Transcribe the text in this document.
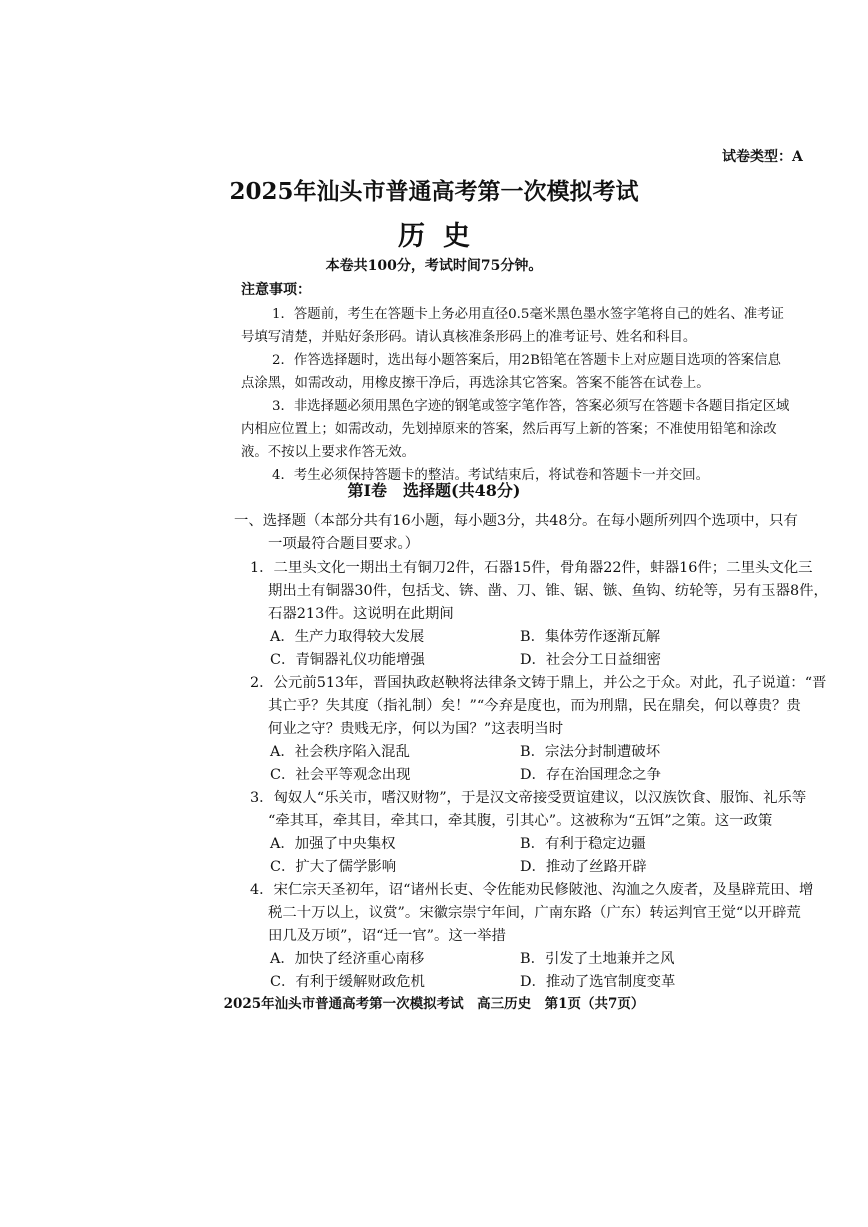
试卷类型：A
2025年汕头市普通高考第一次模拟考试
历史
本卷共100分，考试时间75分钟。
注意事项：
1．答题前，考生在答题卡上务必用直径0.5毫米黑色墨水签字笔将自己的姓名、准考证
号填写清楚，并贴好条形码。请认真核准条形码上的准考证号、姓名和科目。
2．作答选择题时，选出每小题答案后，用2B铅笔在答题卡上对应题目选项的答案信息
点涂黑，如需改动，用橡皮擦干净后，再选涂其它答案。答案不能答在试卷上。
3．非选择题必须用黑色字迹的钢笔或签字笔作答，答案必须写在答题卡各题目指定区域
内相应位置上；如需改动，先划掉原来的答案，然后再写上新的答案；不准使用铅笔和涂改
液。不按以上要求作答无效。
4．考生必须保持答题卡的整洁。考试结束后，将试卷和答题卡一并交回。
第Ⅰ卷　选择题(共48分)
一、选择题（本部分共有16小题，每小题3分，共48分。在每小题所列四个选项中，只有
一项最符合题目要求。）
1．二里头文化一期出土有铜刀2件，石器15件，骨角器22件，蚌器16件；二里头文化三
期出土有铜器30件，包括戈、锛、凿、刀、锥、锯、镞、鱼钩、纺轮等，另有玉器8件，
石器213件。这说明在此期间
A．生产力取得较大发展	B．集体劳作逐渐瓦解
C．青铜器礼仪功能增强	D．社会分工日益细密
2．公元前513年，晋国执政赵鞅将法律条文铸于鼎上，并公之于众。对此，孔子说道：“晋
其亡乎？失其度（指礼制）矣！”“今弃是度也，而为刑鼎，民在鼎矣，何以尊贵？贵
何业之守？贵贱无序，何以为国？”这表明当时
A．社会秩序陷入混乱	B．宗法分封制遭破坏
C．社会平等观念出现	D．存在治国理念之争
3．匈奴人“乐关市，嗜汉财物”，于是汉文帝接受贾谊建议，以汉族饮食、服饰、礼乐等
“牵其耳，牵其目，牵其口，牵其腹，引其心”。这被称为“五饵”之策。这一政策
A．加强了中央集权	B．有利于稳定边疆
C．扩大了儒学影响	D．推动了丝路开辟
4．宋仁宗天圣初年，诏“诸州长吏、令佐能劝民修陂池、沟洫之久废者，及垦辟荒田、增
税二十万以上，议赏”。宋徽宗崇宁年间，广南东路（广东）转运判官王觉“以开辟荒
田几及万顷”，诏“迁一官”。这一举措
A．加快了经济重心南移	B．引发了土地兼并之风
C．有利于缓解财政危机	D．推动了选官制度变革
2025年汕头市普通高考第一次模拟考试　高三历史　第1页（共7页）
